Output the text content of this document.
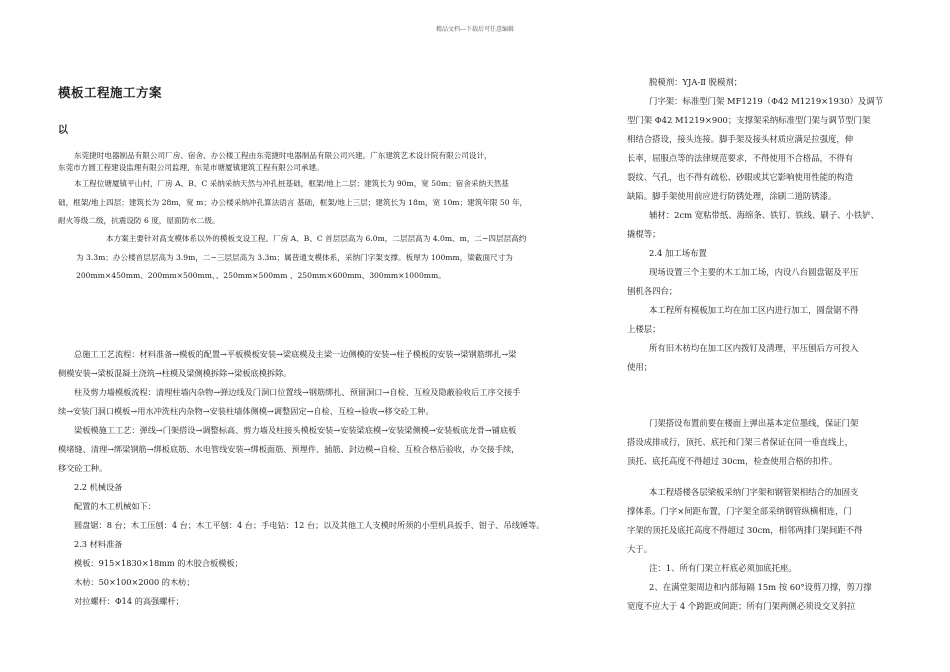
精品文档---下载后可任意编辑
模板工程施工方案
以
东莞捷时电器制品有限公司厂房、宿舍、办公楼工程由东莞捷时电器制品有限公司兴建。广东建筑艺术设计院有限公司设计，
东莞市方圆工程建设监理有限公司监理，东莞市塘厦镇建筑工程有限公司承建。
本工程位塘厦镇平山村，厂房 A、B、C 采纳采纳天然与冲孔桩基础，框架/地上二层；建筑长为 90m，宽 50m；宿舍采纳天然基
础，框架/地上四层；建筑长为 28m，宽 m；办公楼采纳冲孔算法语言 基础，框架/地上三层；建筑长为 18m，宽 10m；建筑年限 50 年，
耐火等级二级，抗震设防 6 度，屋面防水二级。
本方案主要针对高支模体系以外的模板支设工程。厂房 A、B、C 首层层高为 6.0m，二层层高为 4.0m、m，二~四层层高约
为 3.3m；办公楼首层层高为 3.9m，二~三层层高为 3.3m；属普通支模体系，采纳门字架支撑。板厚为 100mm，梁截面尺寸为
200mm×450mm、200mm×500mm、、250mm×500mm 、250mm×600mm、300mm×1000mm。
总施工工艺流程：材料准备→模板的配置→平板模板安装→梁底模及主梁一边侧模的安装→柱子模板的安装→梁钢筋绑扎→梁
侧模安装→梁板混凝土浇筑→柱模及梁侧模拆除→梁板底模拆除。
柱及剪力墙模板流程：清理柱墙内杂物→弹边线及门洞口位置线→钢筋绑扎、预留洞口→自检、互检及隐蔽验收后工序交接手
续→安装门洞口模板→用水冲洗柱内杂物→安装柱墙体侧模→调整固定→自检、互检→验收→移交砼工种。
梁板模施工工艺：弹线→门架搭设→调整标高、剪力墙及柱接头模板安装→安装梁底模→安装梁侧模→安装板底龙骨→铺底板
模堵缝、清理→绑梁钢筋→绑板底筋、水电管线安装→绑板面筋、预埋件、插筋、封边模→自检、互检合格后验收，办交接手续，
移交砼工种。
2.2 机械设备
配置的木工机械如下：
圆盘锯：8 台；木工压刨：4 台；木工平刨：4 台；手电钻：12 台；以及其他工人支模时所须的小型机具扳手、钳子、吊线锤等。
2.3 材料准备
模板：915×1830×18mm 的木胶合板模板；
木枋：50×100×2000 的木枋；
对拉螺杆：Φ14 的高强螺杆；
脱模剂：YJA-Ⅱ 脱模剂；
门字架：标准型门架 MF1219（Φ42 M1219×1930）及调节
型门架 Φ42 M1219×900；支撑架采纳标准型门架与调节型门架
相结合搭设，接头连接。脚手架及接头材质应满足拉强度，伸
长率，屈服点等的法律规范要求，不得使用不合格品，不得有
裂纹、气孔，也不得有疏松、砂眼或其它影响使用性能的构造
缺陷。脚手架使用前应进行防锈处理，涂刷二道防锈漆。
辅材：2cm 宽粘带纸、海绵条、铁钉、铁线、刷子、小铁铲、
撬棍等；
2.4 加工场布置
现场设置三个主要的木工加工场，内设八台圆盘锯及平压
刨机各四台；
本工程所有模板加工均在加工区内进行加工，圆盘锯不得
上楼层；
所有旧木枋均在加工区内拨钉及清理，平压刨后方可投入
使用；
门架搭设布置前要在楼面上弹出基本定位墨线，保证门架
搭设成排成行，顶托、底托和门架三者保证在同一垂直线上，
顶托、底托高度不得超过 30cm，检查使用合格的扣件。
本工程塔楼各层梁板采纳门字架和钢管架相结合的加固支
撑体系。门字×间距布置，门字架全部采纳钢管纵横相连，门
字架的顶托及底托高度不得超过 30cm，相邻两排门架间距不得
大于。
注：1、所有门架立杆底必须加底托座。
2、在满堂架周边和内部每隔 15m 按 60°设剪刀撑，剪刀撑
宽度不应大于 4 个跨距或间距；所有门架两侧必须设交叉斜拉
